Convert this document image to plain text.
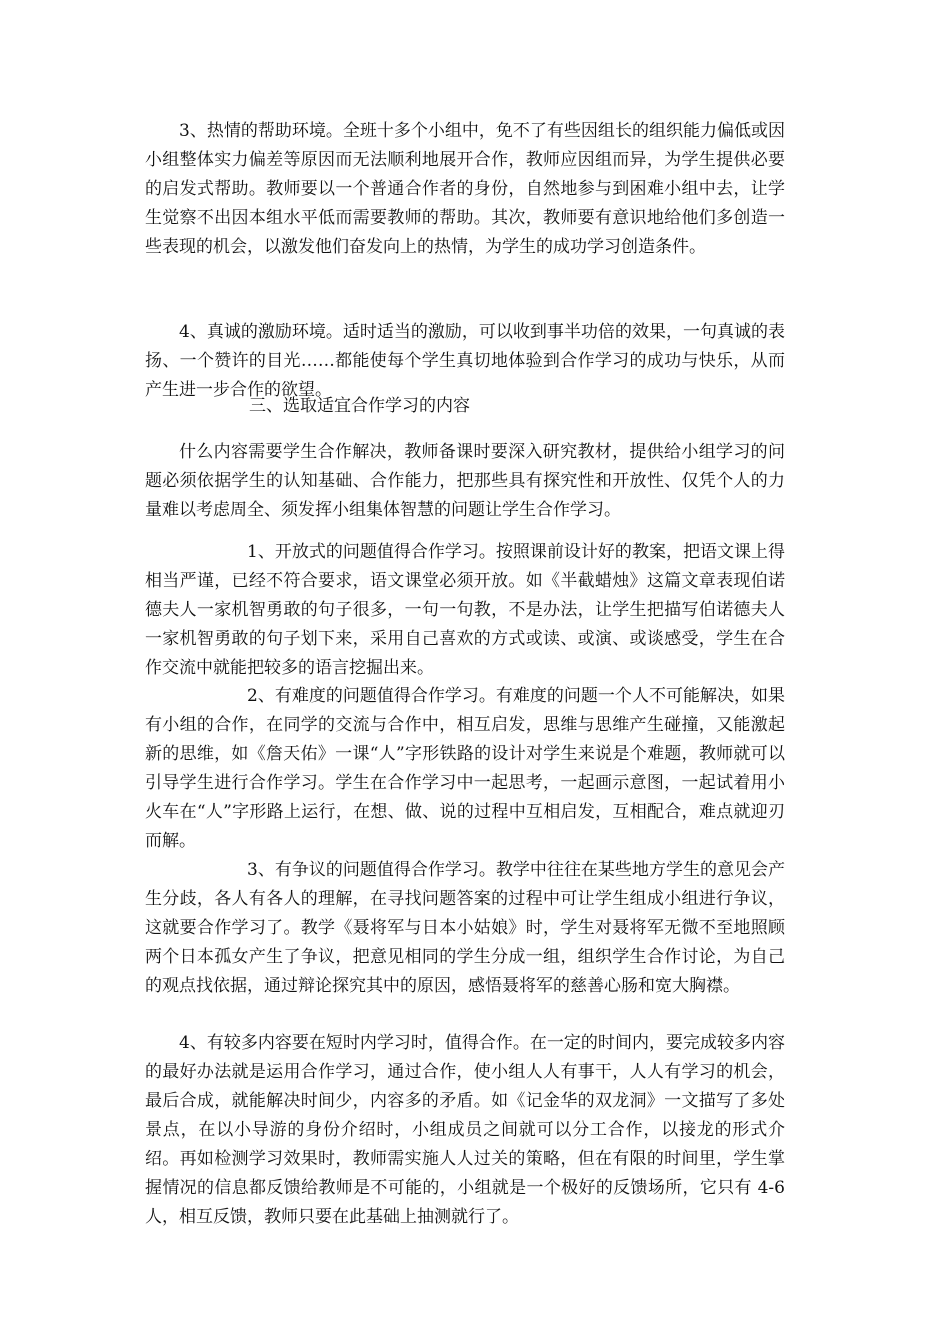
3、热情的帮助环境。全班十多个小组中，免不了有些因组长的组织能力偏低或因小组整体实力偏差等原因而无法顺利地展开合作，教师应因组而异，为学生提供必要的启发式帮助。教师要以一个普通合作者的身份，自然地参与到困难小组中去，让学生觉察不出因本组水平低而需要教师的帮助。其次，教师要有意识地给他们多创造一些表现的机会，以激发他们奋发向上的热情，为学生的成功学习创造条件。

4、真诚的激励环境。适时适当的激励，可以收到事半功倍的效果，一句真诚的表扬、一个赞许的目光……都能使每个学生真切地体验到合作学习的成功与快乐，从而产生进一步合作的欲望。

三、选取适宜合作学习的内容

什么内容需要学生合作解决，教师备课时要深入研究教材，提供给小组学习的问题必须依据学生的认知基础、合作能力，把那些具有探究性和开放性、仅凭个人的力量难以考虑周全、须发挥小组集体智慧的问题让学生合作学习。

1、开放式的问题值得合作学习。按照课前设计好的教案，把语文课上得相当严谨，已经不符合要求，语文课堂必须开放。如《半截蜡烛》这篇文章表现伯诺德夫人一家机智勇敢的句子很多，一句一句教，不是办法，让学生把描写伯诺德夫人一家机智勇敢的句子划下来，采用自己喜欢的方式或读、或演、或谈感受，学生在合作交流中就能把较多的语言挖掘出来。

2、有难度的问题值得合作学习。有难度的问题一个人不可能解决，如果有小组的合作，在同学的交流与合作中，相互启发，思维与思维产生碰撞，又能激起新的思维，如《詹天佑》一课“人”字形铁路的设计对学生来说是个难题，教师就可以引导学生进行合作学习。学生在合作学习中一起思考，一起画示意图，一起试着用小火车在“人”字形路上运行，在想、做、说的过程中互相启发，互相配合，难点就迎刃而解。

3、有争议的问题值得合作学习。教学中往往在某些地方学生的意见会产生分歧，各人有各人的理解，在寻找问题答案的过程中可让学生组成小组进行争议，这就要合作学习了。教学《聂将军与日本小姑娘》时，学生对聂将军无微不至地照顾两个日本孤女产生了争议，把意见相同的学生分成一组，组织学生合作讨论，为自己的观点找依据，通过辩论探究其中的原因，感悟聂将军的慈善心肠和宽大胸襟。

4、有较多内容要在短时内学习时，值得合作。在一定的时间内，要完成较多内容的最好办法就是运用合作学习，通过合作，使小组人人有事干，人人有学习的机会，最后合成，就能解决时间少，内容多的矛盾。如《记金华的双龙洞》一文描写了多处景点，在以小导游的身份介绍时，小组成员之间就可以分工合作，以接龙的形式介绍。再如检测学习效果时，教师需实施人人过关的策略，但在有限的时间里，学生掌握情况的信息都反馈给教师是不可能的，小组就是一个极好的反馈场所，它只有 4-6 人，相互反馈，教师只要在此基础上抽测就行了。
